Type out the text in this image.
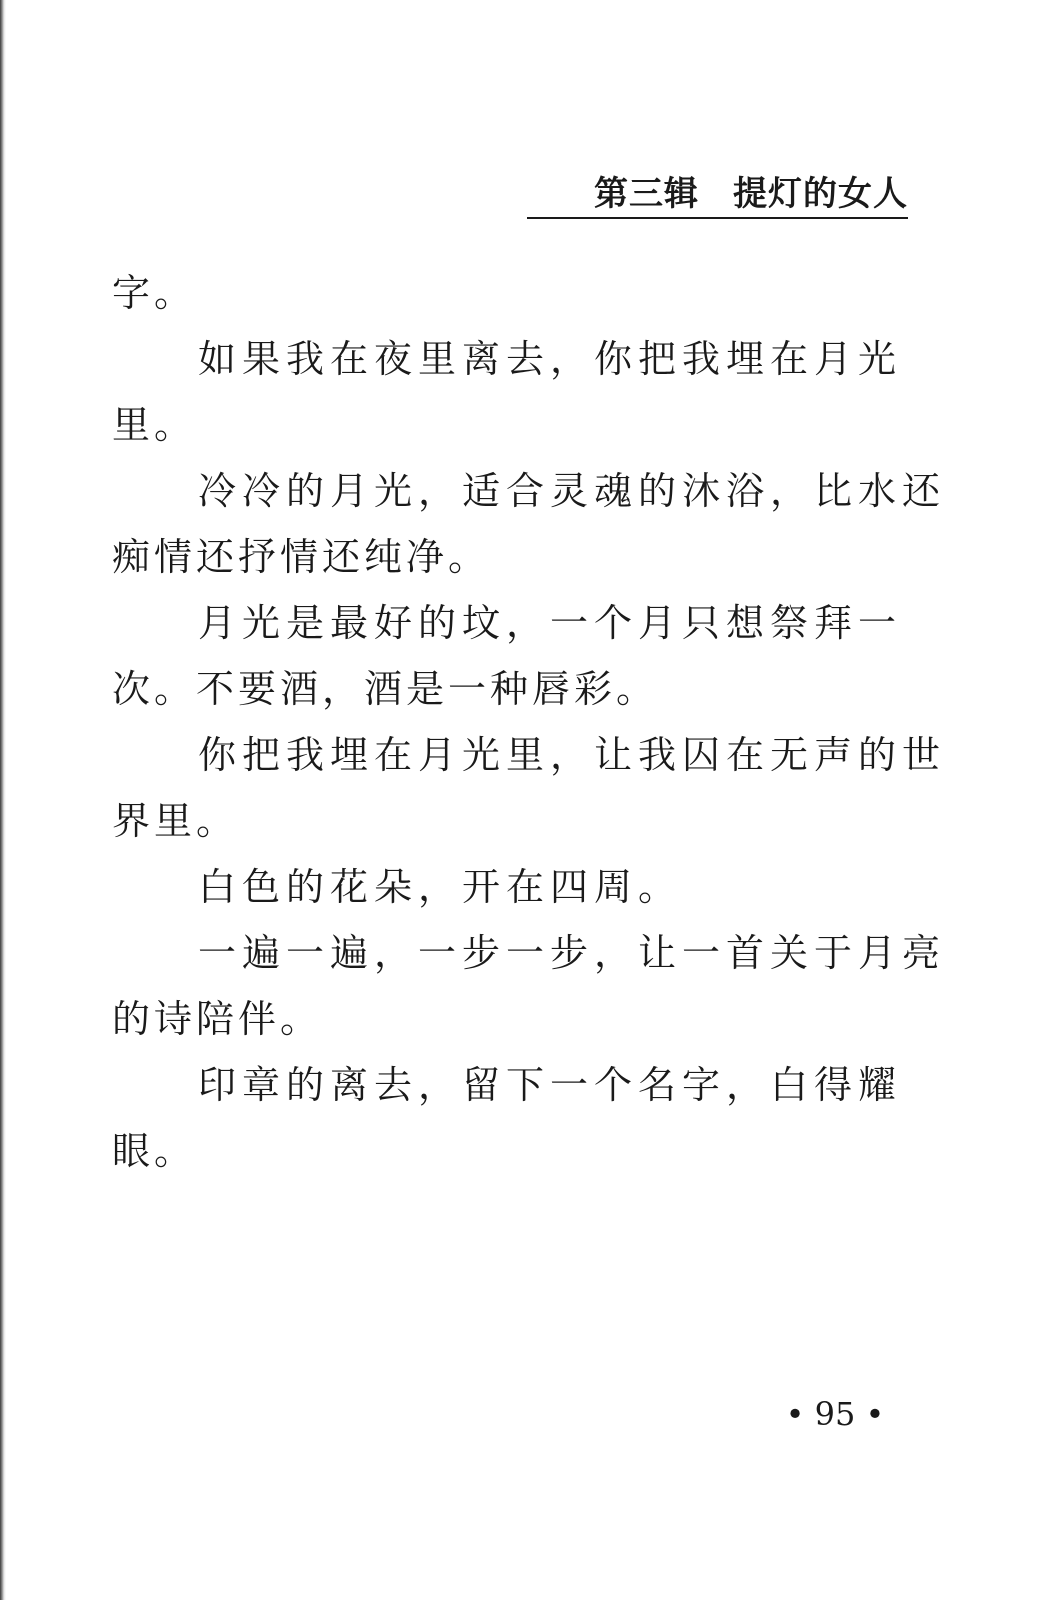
第三辑 提灯的女人
字。
如果我在夜里离去，你把我埋在月光
里。
冷冷的月光，适合灵魂的沐浴，比水还
痴情还抒情还纯净。
月光是最好的坟，一个月只想祭拜一
次。不要酒，酒是一种唇彩。
你把我埋在月光里，让我囚在无声的世
界里。
白色的花朵，开在四周。
一遍一遍，一步一步，让一首关于月亮
的诗陪伴。
印章的离去，留下一个名字，白得耀
眼。
• 95 •
